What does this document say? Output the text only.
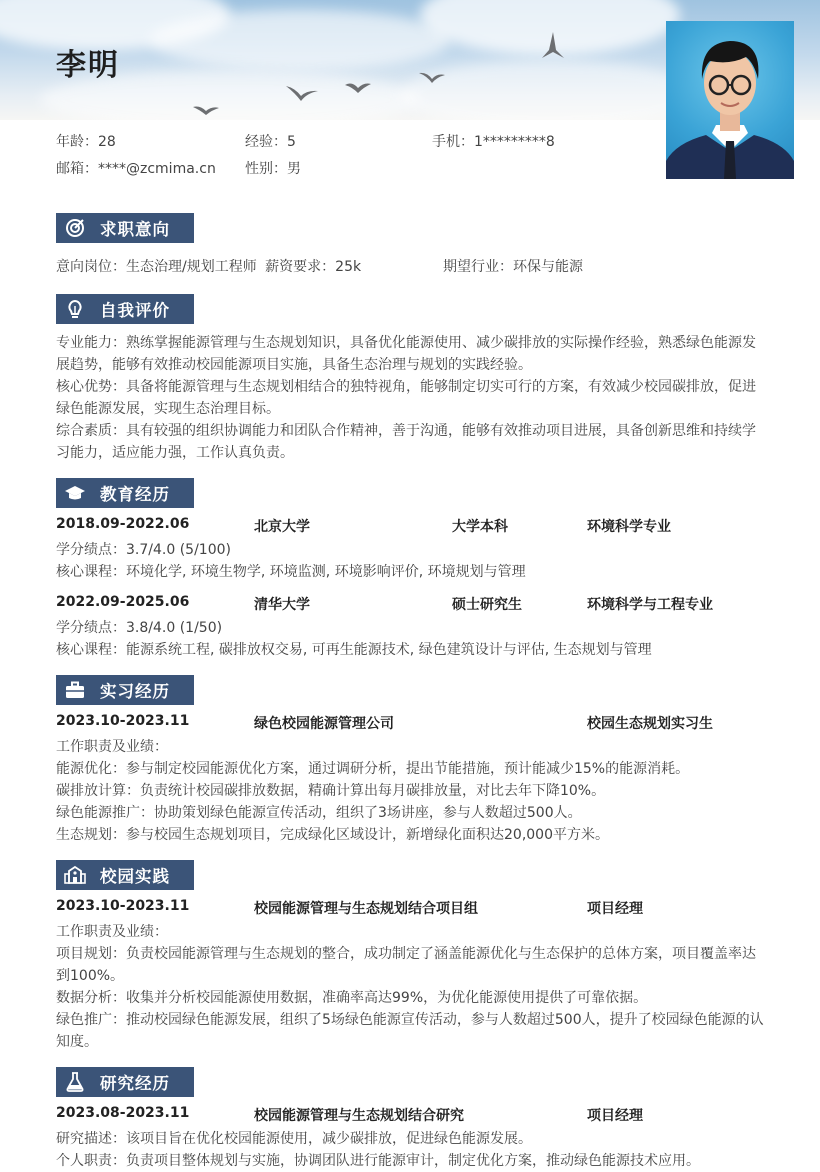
李明
年龄：28	经验：5	手机：1*********8
邮箱：****@zcmima.cn 性别：男
求职意向
意向岗位：生态治理/规划工程师 薪资要求：25k	期望行业：环保与能源
自我评价
专业能力：熟练掌握能源管理与生态规划知识，具备优化能源使用、减少碳排放的实际操作经验，熟悉绿色能源发
展趋势，能够有效推动校园能源项目实施，具备生态治理与规划的实践经验。
核心优势：具备将能源管理与生态规划相结合的独特视角，能够制定切实可行的方案，有效减少校园碳排放，促进
绿色能源发展，实现生态治理目标。
综合素质：具有较强的组织协调能力和团队合作精神，善于沟通，能够有效推动项目进展，具备创新思维和持续学
习能力，适应能力强，工作认真负责。
教育经历
2018.09-2022.06	北京大学	大学本科	环境科学专业
学分绩点：3.7/4.0 (5/100)
核心课程：环境化学, 环境生物学, 环境监测, 环境影响评价, 环境规划与管理
2022.09-2025.06	清华大学	硕士研究生	环境科学与工程专业
学分绩点：3.8/4.0 (1/50)
核心课程：能源系统工程, 碳排放权交易, 可再生能源技术, 绿色建筑设计与评估, 生态规划与管理
实习经历
2023.10-2023.11	绿色校园能源管理公司	校园生态规划实习生
工作职责及业绩：
能源优化：参与制定校园能源优化方案，通过调研分析，提出节能措施，预计能减少15%的能源消耗。
碳排放计算：负责统计校园碳排放数据，精确计算出每月碳排放量，对比去年下降10%。
绿色能源推广：协助策划绿色能源宣传活动，组织了3场讲座，参与人数超过500人。
生态规划：参与校园生态规划项目，完成绿化区域设计，新增绿化面积达20,000平方米。
校园实践
2023.10-2023.11	校园能源管理与生态规划结合项目组	项目经理
工作职责及业绩：
项目规划：负责校园能源管理与生态规划的整合，成功制定了涵盖能源优化与生态保护的总体方案，项目覆盖率达
到100%。
数据分析：收集并分析校园能源使用数据，准确率高达99%，为优化能源使用提供了可靠依据。
绿色推广：推动校园绿色能源发展，组织了5场绿色能源宣传活动，参与人数超过500人，提升了校园绿色能源的认
知度。
研究经历
2023.08-2023.11	校园能源管理与生态规划结合研究	项目经理
研究描述：该项目旨在优化校园能源使用，减少碳排放，促进绿色能源发展。
个人职责：负责项目整体规划与实施，协调团队进行能源审计，制定优化方案，推动绿色能源技术应用。
